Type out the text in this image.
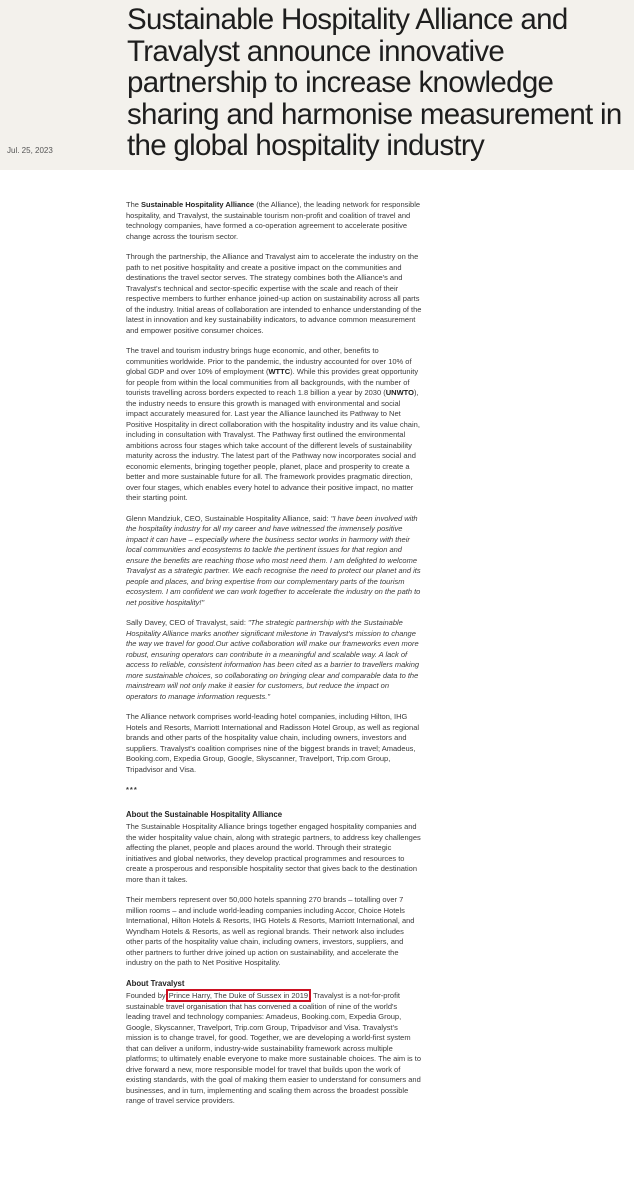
Jul. 25, 2023
Sustainable Hospitality Alliance and Travalyst announce innovative partnership to increase knowledge sharing and harmonise measurement in the global hospitality industry

The Sustainable Hospitality Alliance (the Alliance), the leading network for responsible hospitality, and Travalyst, the sustainable tourism non-profit and coalition of travel and technology companies, have formed a co-operation agreement to accelerate positive change across the tourism sector.

Through the partnership, the Alliance and Travalyst aim to accelerate the industry on the path to net positive hospitality and create a positive impact on the communities and destinations the travel sector serves. The strategy combines both the Alliance's and Travalyst's technical and sector-specific expertise with the scale and reach of their respective members to further enhance joined-up action on sustainability across all parts of the industry. Initial areas of collaboration are intended to enhance understanding of the latest in innovation and key sustainability indicators, to advance common measurement and empower positive consumer choices.

The travel and tourism industry brings huge economic, and other, benefits to communities worldwide. Prior to the pandemic, the industry accounted for over 10% of global GDP and over 10% of employment (WTTC). While this provides great opportunity for people from within the local communities from all backgrounds, with the number of tourists travelling across borders expected to reach 1.8 billion a year by 2030 (UNWTO), the industry needs to ensure this growth is managed with environmental and social impact accurately measured for. Last year the Alliance launched its Pathway to Net Positive Hospitality in direct collaboration with the hospitality industry and its value chain, including in consultation with Travalyst. The Pathway first outlined the environmental ambitions across four stages which take account of the different levels of sustainability maturity across the industry. The latest part of the Pathway now incorporates social and economic elements, bringing together people, planet, place and prosperity to create a better and more sustainable future for all. The framework provides pragmatic direction, over four stages, which enables every hotel to advance their positive impact, no matter their starting point.

Glenn Mandziuk, CEO, Sustainable Hospitality Alliance, said: "I have been involved with the hospitality industry for all my career and have witnessed the immensely positive impact it can have – especially where the business sector works in harmony with their local communities and ecosystems to tackle the pertinent issues for that region and ensure the benefits are reaching those who most need them. I am delighted to welcome Travalyst as a strategic partner. We each recognise the need to protect our planet and its people and places, and bring expertise from our complementary parts of the tourism ecosystem. I am confident we can work together to accelerate the industry on the path to net positive hospitality!"

Sally Davey, CEO of Travalyst, said: "The strategic partnership with the Sustainable Hospitality Alliance marks another significant milestone in Travalyst's mission to change the way we travel for good.Our active collaboration will make our frameworks even more robust, ensuring operators can contribute in a meaningful and scalable way. A lack of access to reliable, consistent information has been cited as a barrier to travellers making more sustainable choices, so collaborating on bringing clear and comparable data to the mainstream will not only make it easier for customers, but reduce the impact on operators to manage information requests."

The Alliance network comprises world-leading hotel companies, including Hilton, IHG Hotels and Resorts, Marriott International and Radisson Hotel Group, as well as regional brands and other parts of the hospitality value chain, including owners, investors and suppliers. Travalyst's coalition comprises nine of the biggest brands in travel; Amadeus, Booking.com, Expedia Group, Google, Skyscanner, Travelport, Trip.com Group, Tripadvisor and Visa.

***

About the Sustainable Hospitality Alliance

The Sustainable Hospitality Alliance brings together engaged hospitality companies and the wider hospitality value chain, along with strategic partners, to address key challenges affecting the planet, people and places around the world. Through their strategic initiatives and global networks, they develop practical programmes and resources to create a prosperous and responsible hospitality sector that gives back to the destination more than it takes.

Their members represent over 50,000 hotels spanning 270 brands – totalling over 7 million rooms – and include world-leading companies including Accor, Choice Hotels International, Hilton Hotels & Resorts, IHG Hotels & Resorts, Marriott International, and Wyndham Hotels & Resorts, as well as regional brands. Their network also includes other parts of the hospitality value chain, including owners, investors, suppliers, and other partners to further drive joined up action on sustainability, and accelerate the industry on the path to Net Positive Hospitality.

About Travalyst

Founded by Prince Harry, The Duke of Sussex in 2019, Travalyst is a not-for-profit sustainable travel organisation that has convened a coalition of nine of the world's leading travel and technology companies: Amadeus, Booking.com, Expedia Group, Google, Skyscanner, Travelport, Trip.com Group, Tripadvisor and Visa. Travalyst's mission is to change travel, for good. Together, we are developing a world-first system that can deliver a uniform, industry-wide sustainability framework across multiple platforms; to ultimately enable everyone to make more sustainable choices. The aim is to drive forward a new, more responsible model for travel that builds upon the work of existing standards, with the goal of making them easier to understand for consumers and businesses, and in turn, implementing and scaling them across the broadest possible range of travel service providers.
